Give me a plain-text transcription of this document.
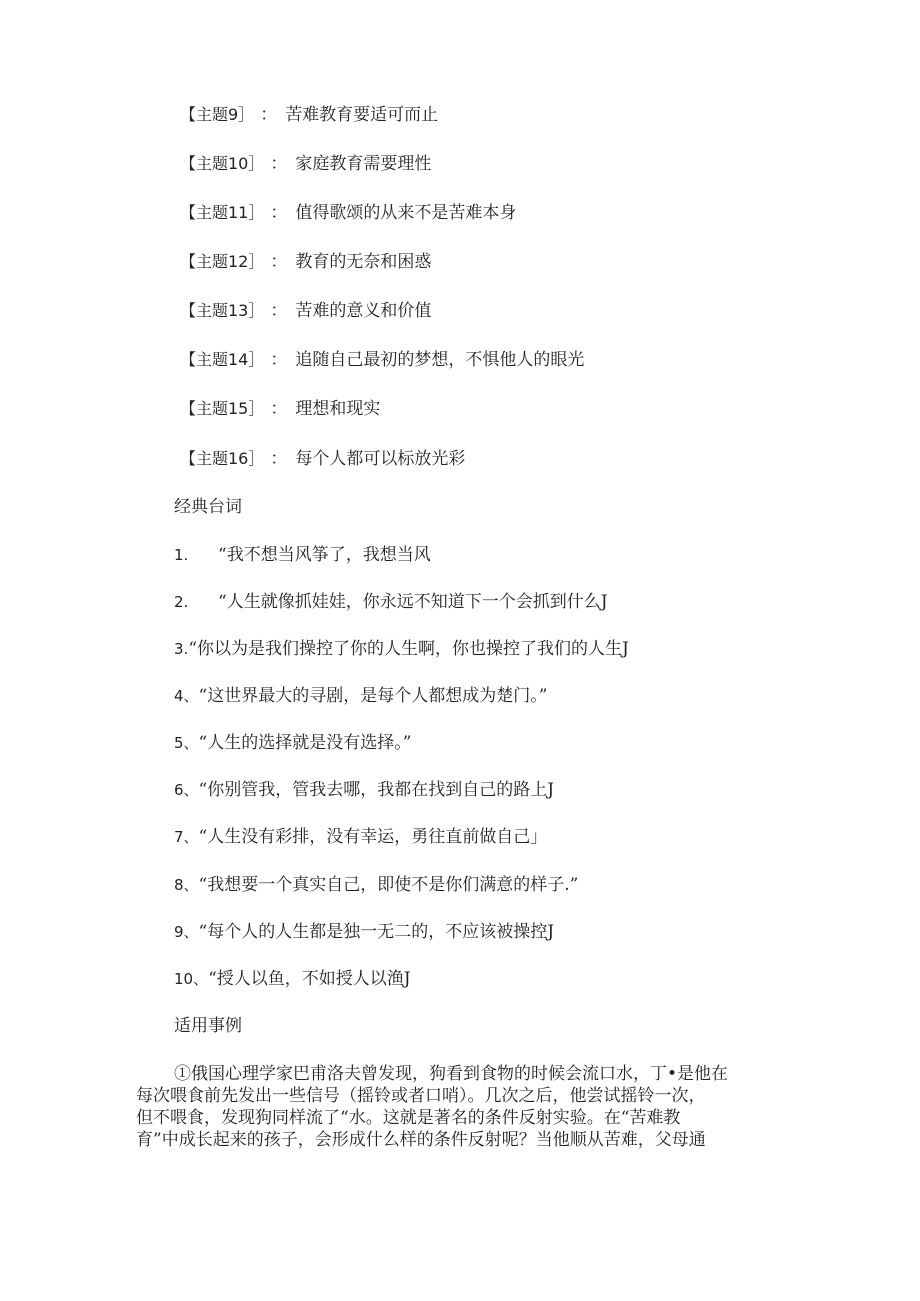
【主题9］ ： 苦难教育要适可而止
【主题10］ ： 家庭教育需要理性
【主题11］ ： 值得歌颂的从来不是苦难本身
【主题12］ ： 教育的无奈和困惑
【主题13］ ： 苦难的意义和价值
【主题14］ ： 追随自己最初的梦想，不惧他人的眼光
【主题15］ ： 理想和现实
【主题16］ ： 每个人都可以标放光彩
经典台词
1. “我不想当风筝了，我想当风
2. “人生就像抓娃娃，你永远不知道下一个会抓到什么J
3.“你以为是我们操控了你的人生啊，你也操控了我们的人生J
4、“这世界最大的寻剧，是每个人都想成为楚门。”
5、“人生的选择就是没有选择。”
6、“你别管我，管我去哪，我都在找到自己的路上J
7、“人生没有彩排，没有幸运，勇往直前做自己」
8、“我想要一个真实自己，即使不是你们满意的样子.”
9、“每个人的人生都是独一无二的，不应该被操控J
10、“授人以鱼，不如授人以渔J
适用事例
①俄国心理学家巴甫洛夫曾发现，狗看到食物的时候会流口水，丁•是他在
每次喂食前先发出一些信号（摇铃或者口哨）。几次之后，他尝试摇铃一次，
但不喂食，发现狗同样流了“水。这就是著名的条件反射实验。在“苦难教
育”中成长起来的孩子，会形成什么样的条件反射呢？当他顺从苦难，父母通
